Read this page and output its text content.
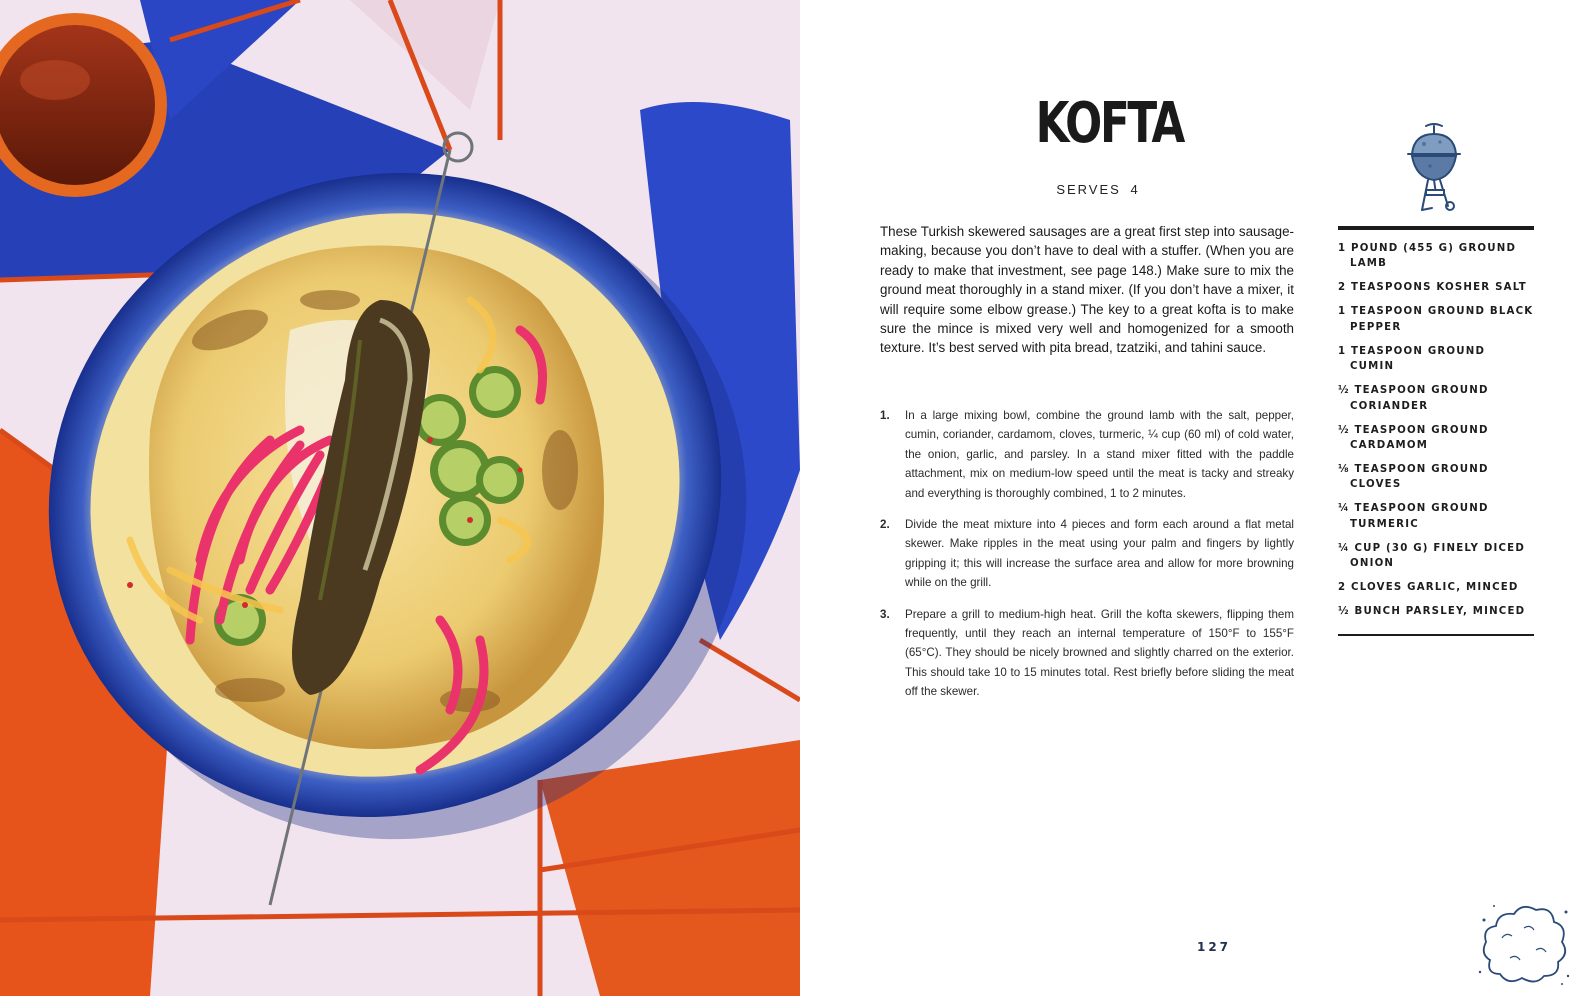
KOFTA
SERVES 4

These Turkish skewered sausages are a great first step into sausage-making, because you don’t have to deal with a stuffer. (When you are ready to make that investment, see page 148.) Make sure to mix the ground meat thoroughly in a stand mixer. (If you don’t have a mixer, it will require some elbow grease.) The key to a great kofta is to make sure the mince is mixed very well and homogenized for a smooth texture. It’s best served with pita bread, tzatziki, and tahini sauce.

1. In a large mixing bowl, combine the ground lamb with the salt, pepper, cumin, coriander, cardamom, cloves, turmeric, ¼ cup (60 ml) of cold water, the onion, garlic, and parsley. In a stand mixer fitted with the paddle attachment, mix on medium-low speed until the meat is tacky and streaky and everything is thoroughly combined, 1 to 2 minutes.
2. Divide the meat mixture into 4 pieces and form each around a flat metal skewer. Make ripples in the meat using your palm and fingers by lightly gripping it; this will increase the surface area and allow for more browning while on the grill.
3. Prepare a grill to medium-high heat. Grill the kofta skewers, flipping them frequently, until they reach an internal temperature of 150°F to 155°F (65°C). They should be nicely browned and slightly charred on the exterior. This should take 10 to 15 minutes total. Rest briefly before sliding the meat off the skewer.
1 POUND (455 G) GROUND LAMB
2 TEASPOONS KOSHER SALT
1 TEASPOON GROUND BLACK PEPPER
1 TEASPOON GROUND CUMIN
½ TEASPOON GROUND CORIANDER
½ TEASPOON GROUND CARDAMOM
⅛ TEASPOON GROUND CLOVES
¼ TEASPOON GROUND TURMERIC
¼ CUP (30 G) FINELY DICED ONION
2 CLOVES GARLIC, MINCED
½ BUNCH PARSLEY, MINCED
127
